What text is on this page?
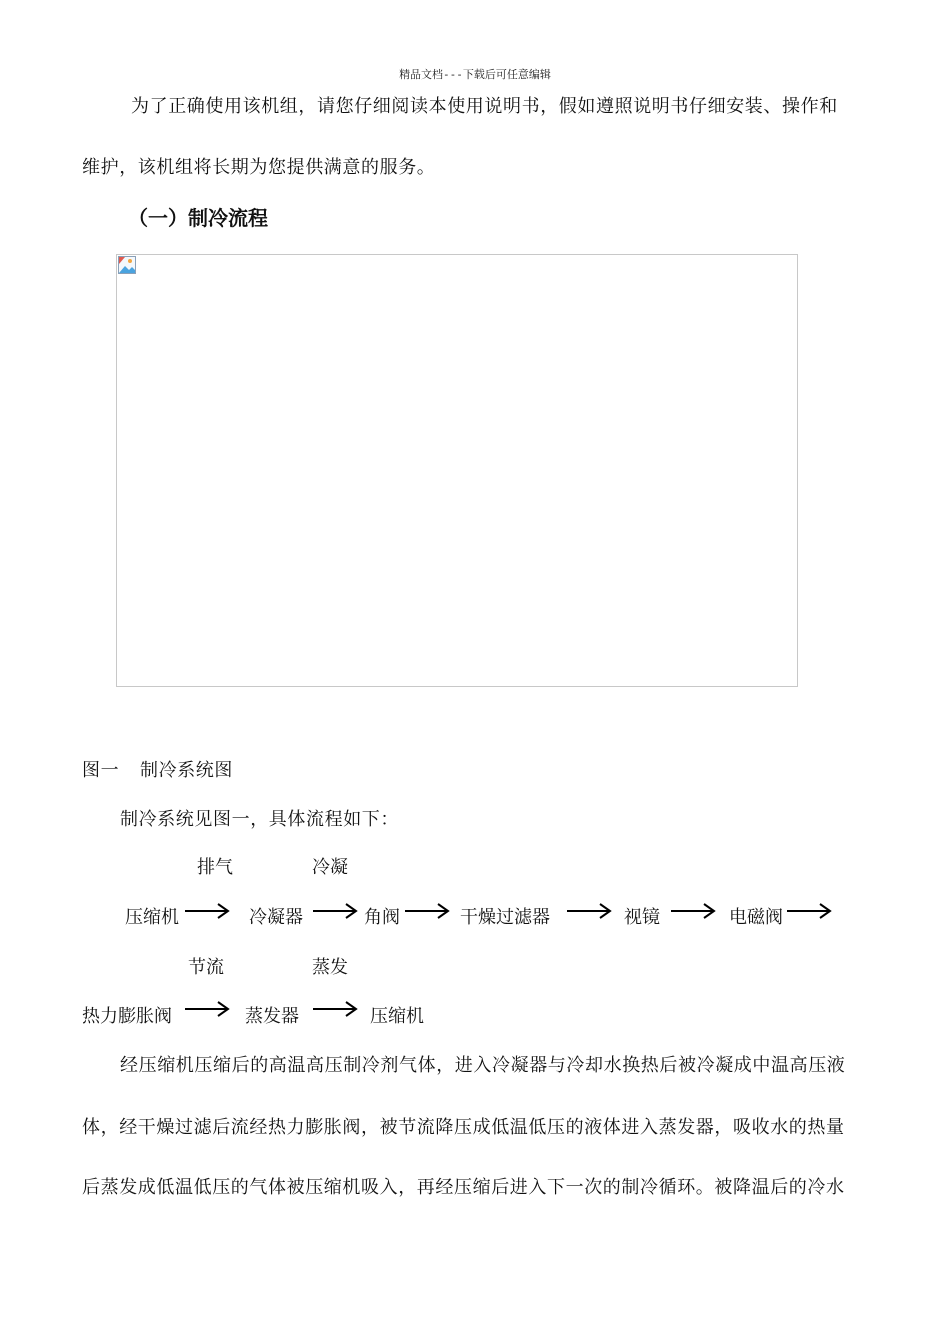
精品文档---下载后可任意编辑
为了正确使用该机组，请您仔细阅读本使用说明书，假如遵照说明书仔细安装、操作和
维护，该机组将长期为您提供满意的服务。
（一）制冷流程
图一 制冷系统图
制冷系统见图一，具体流程如下：
排气	冷凝
压缩机	冷凝器	角阀	干燥过滤器	视镜	电磁阀
节流	蒸发
热力膨胀阀	蒸发器	压缩机
经压缩机压缩后的高温高压制冷剂气体，进入冷凝器与冷却水换热后被冷凝成中温高压液
体，经干燥过滤后流经热力膨胀阀，被节流降压成低温低压的液体进入蒸发器，吸收水的热量
后蒸发成低温低压的气体被压缩机吸入，再经压缩后进入下一次的制冷循环。被降温后的冷水
